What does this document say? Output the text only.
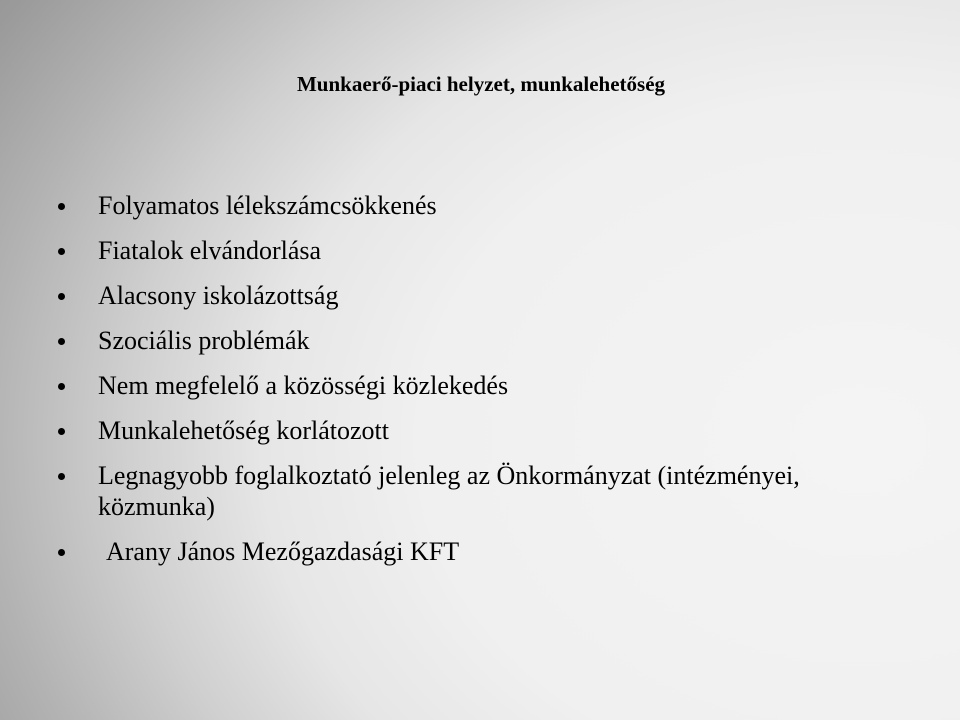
Munkaerő-piaci helyzet, munkalehetőség
Folyamatos lélekszámcsökkenés
Fiatalok elvándorlása
Alacsony iskolázottság
Szociális problémák
Nem megfelelő a közösségi közlekedés
Munkalehetőség korlátozott
Legnagyobb foglalkoztató jelenleg az Önkormányzat (intézményei, közmunka)
Arany János Mezőgazdasági KFT
